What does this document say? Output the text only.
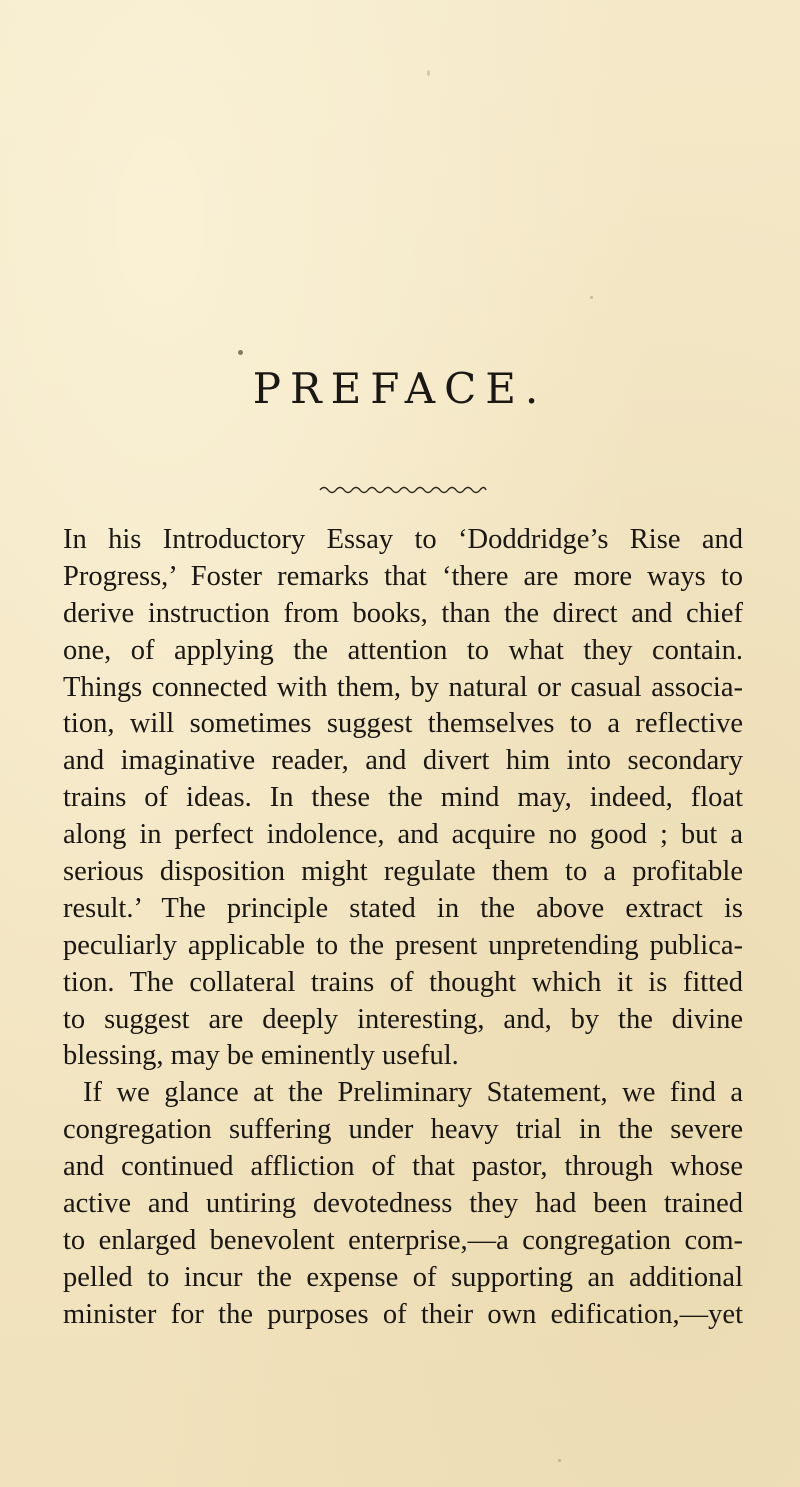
PREFACE.
In his Introductory Essay to ‘Doddridge’s Rise and
Progress,’ Foster remarks that ‘there are more ways to
derive instruction from books, than the direct and chief
one, of applying the attention to what they contain.
Things connected with them, by natural or casual associa-
tion, will sometimes suggest themselves to a reflective
and imaginative reader, and divert him into secondary
trains of ideas. In these the mind may, indeed, float
along in perfect indolence, and acquire no good ; but a
serious disposition might regulate them to a profitable
result.’ The principle stated in the above extract is
peculiarly applicable to the present unpretending publica-
tion. The collateral trains of thought which it is fitted
to suggest are deeply interesting, and, by the divine
blessing, may be eminently useful.
If we glance at the Preliminary Statement, we find a
congregation suffering under heavy trial in the severe
and continued affliction of that pastor, through whose
active and untiring devotedness they had been trained
to enlarged benevolent enterprise,—a congregation com-
pelled to incur the expense of supporting an additional
minister for the purposes of their own edification,—yet
